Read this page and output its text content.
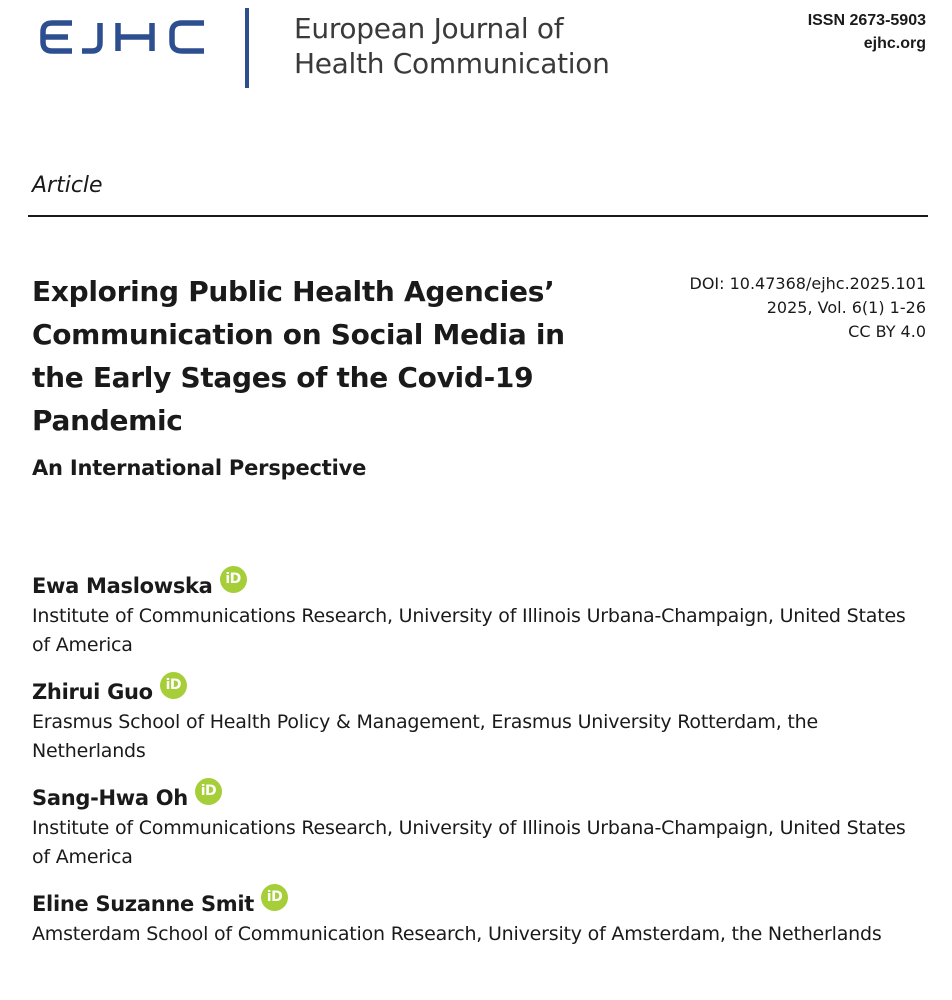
European Journal of
Health Communication
ISSN 2673-5903
ejhc.org
Article
Exploring Public Health Agencies’ Communication on Social Media in the Early Stages of the Covid-19 Pandemic
An International Perspective
DOI: 10.47368/ejhc.2025.101
2025, Vol. 6(1) 1-26
CC BY 4.0
Ewa Maslowska iD
Institute of Communications Research, University of Illinois Urbana-Champaign, United States of America
Zhirui Guo iD
Erasmus School of Health Policy & Management, Erasmus University Rotterdam, the Netherlands
Sang-Hwa Oh iD
Institute of Communications Research, University of Illinois Urbana-Champaign, United States of America
Eline Suzanne Smit iD
Amsterdam School of Communication Research, University of Amsterdam, the Netherlands
